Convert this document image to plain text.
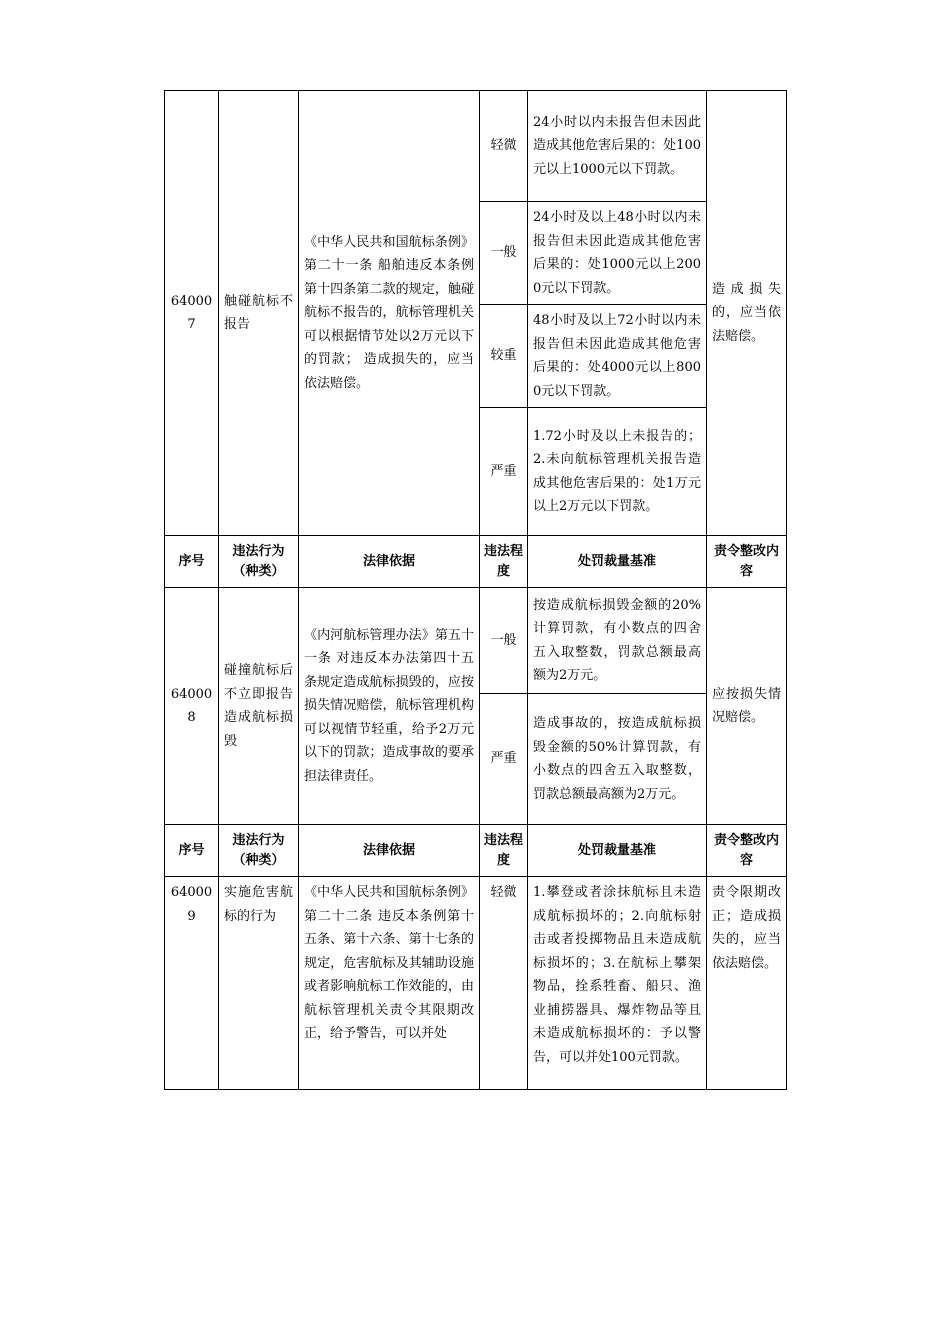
640007	触碰航标不报告	《中华人民共和国航标条例》第二十一条 船舶违反本条例第十四条第二款的规定，触碰航标不报告的，航标管理机关可以根据情节处以2万元以下的罚款； 造成损失的，应当依法赔偿。	轻微	24小时以内未报告但未因此造成其他危害后果的：处100元以上1000元以下罚款。	造成损失的，应当依法赔偿。
			一般	24小时及以上48小时以内未报告但未因此造成其他危害后果的：处1000元以上2000元以下罚款。	
			较重	48小时及以上72小时以内未报告但未因此造成其他危害后果的：处4000元以上8000元以下罚款。	
			严重	1.72小时及以上未报告的；2.未向航标管理机关报告造成其他危害后果的：处1万元以上2万元以下罚款。	
序号	违法行为（种类）	法律依据	违法程度	处罚裁量基准	责令整改内容
640008	碰撞航标后不立即报告造成航标损毁	《内河航标管理办法》第五十一条 对违反本办法第四十五条规定造成航标损毁的，应按损失情况赔偿，航标管理机构可以视情节轻重，给予2万元以下的罚款；造成事故的要承担法律责任。	一般	按造成航标损毁金额的20%计算罚款，有小数点的四舍五入取整数，罚款总额最高额为2万元。	应按损失情况赔偿。
			严重	造成事故的，按造成航标损毁金额的50%计算罚款，有小数点的四舍五入取整数，罚款总额最高额为2万元。	
序号	违法行为（种类）	法律依据	违法程度	处罚裁量基准	责令整改内容
640009	实施危害航标的行为	《中华人民共和国航标条例》第二十二条 违反本条例第十五条、第十六条、第十七条的规定，危害航标及其辅助设施或者影响航标工作效能的，由航标管理机关责令其限期改正，给予警告，可以并处	轻微	1.攀登或者涂抹航标且未造成航标损坏的；2.向航标射击或者投掷物品且未造成航标损坏的；3.在航标上攀架物品，拴系牲畜、船只、渔业捕捞器具、爆炸物品等且未造成航标损坏的：予以警告，可以并处100元罚款。	责令限期改正；造成损失的，应当依法赔偿。
